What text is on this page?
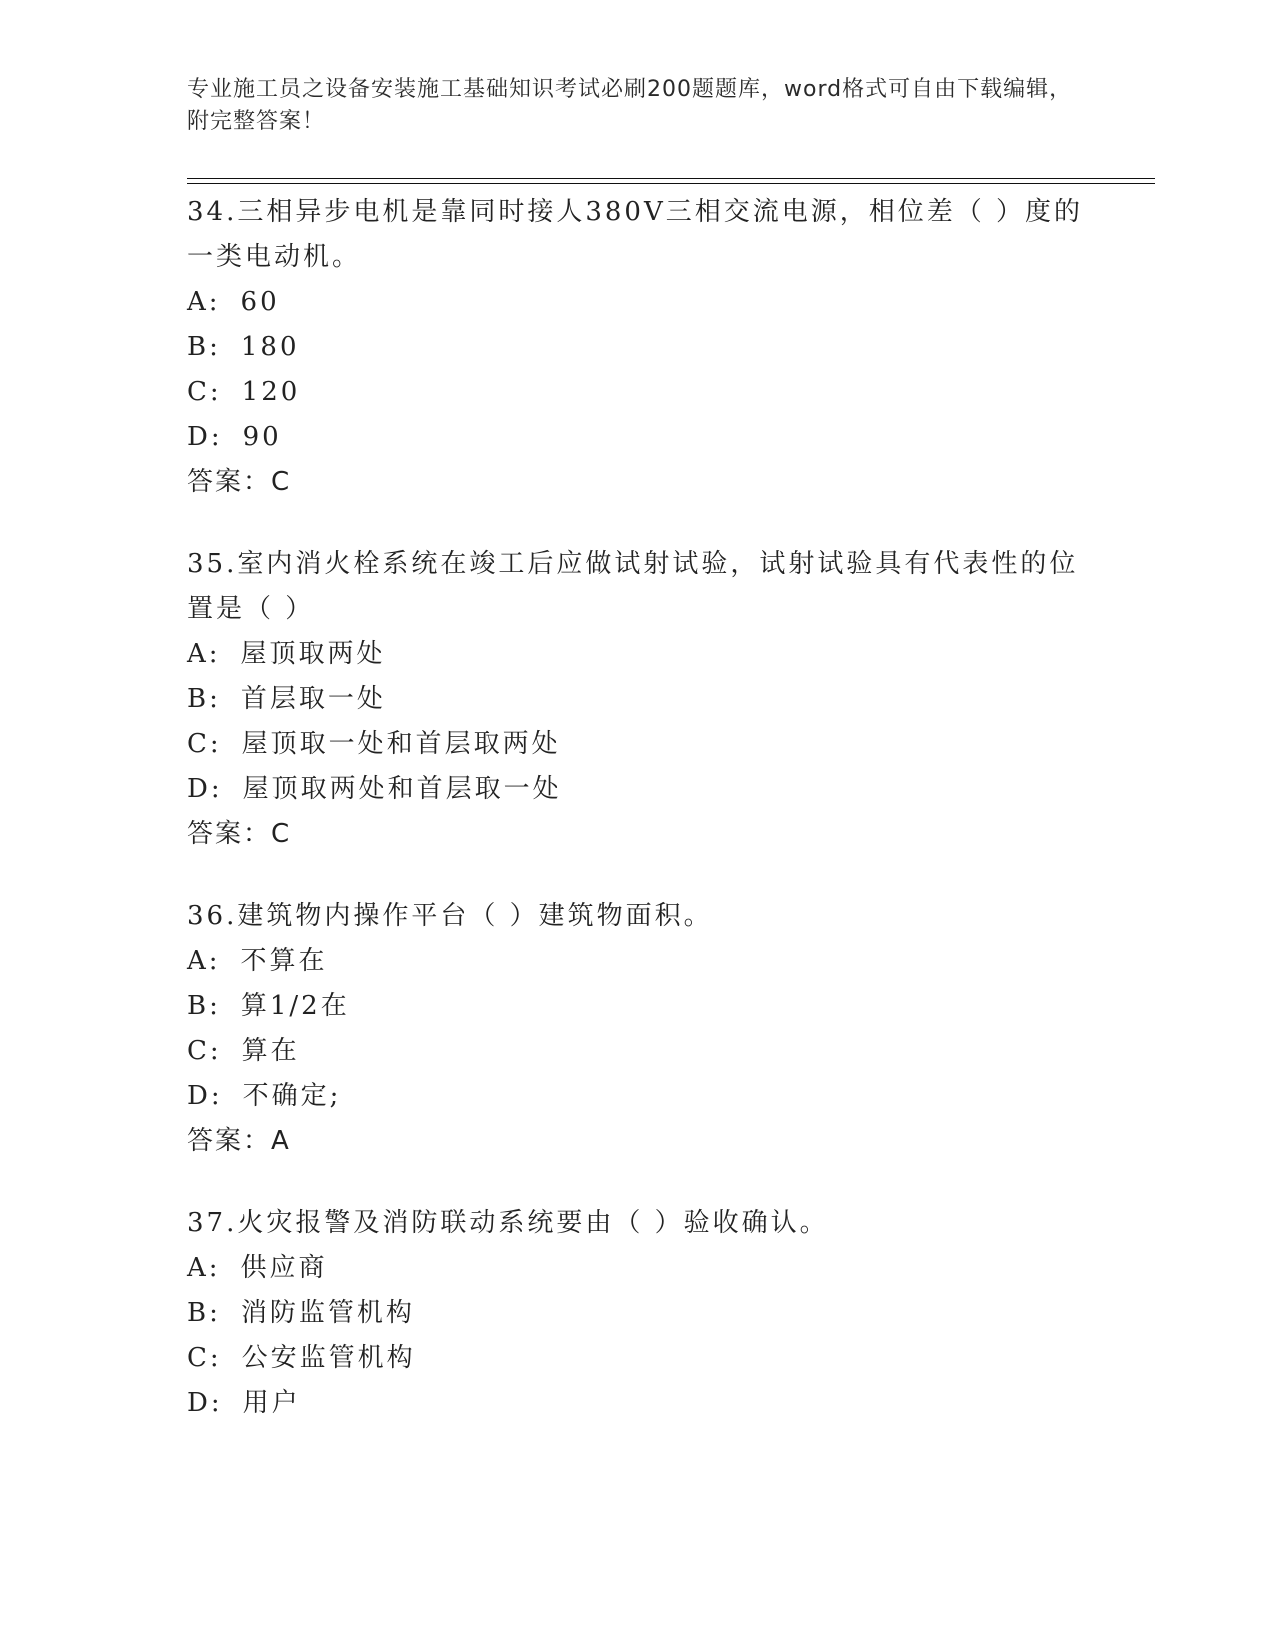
专业施工员之设备安装施工基础知识考试必刷200题题库，word格式可自由下载编辑，附完整答案！

34.三相异步电机是靠同时接人380V三相交流电源，相位差（ ）度的一类电动机。

A: 60

B: 180

C: 120

D: 90

答案：C

35.室内消火栓系统在竣工后应做试射试验，试射试验具有代表性的位置是（ ）

A: 屋顶取两处

B: 首层取一处

C: 屋顶取一处和首层取两处

D: 屋顶取两处和首层取一处

答案：C

36.建筑物内操作平台（ ）建筑物面积。

A: 不算在

B: 算1/2在

C: 算在

D: 不确定;

答案：A

37.火灾报警及消防联动系统要由（ ）验收确认。

A: 供应商

B: 消防监管机构

C: 公安监管机构

D: 用户
